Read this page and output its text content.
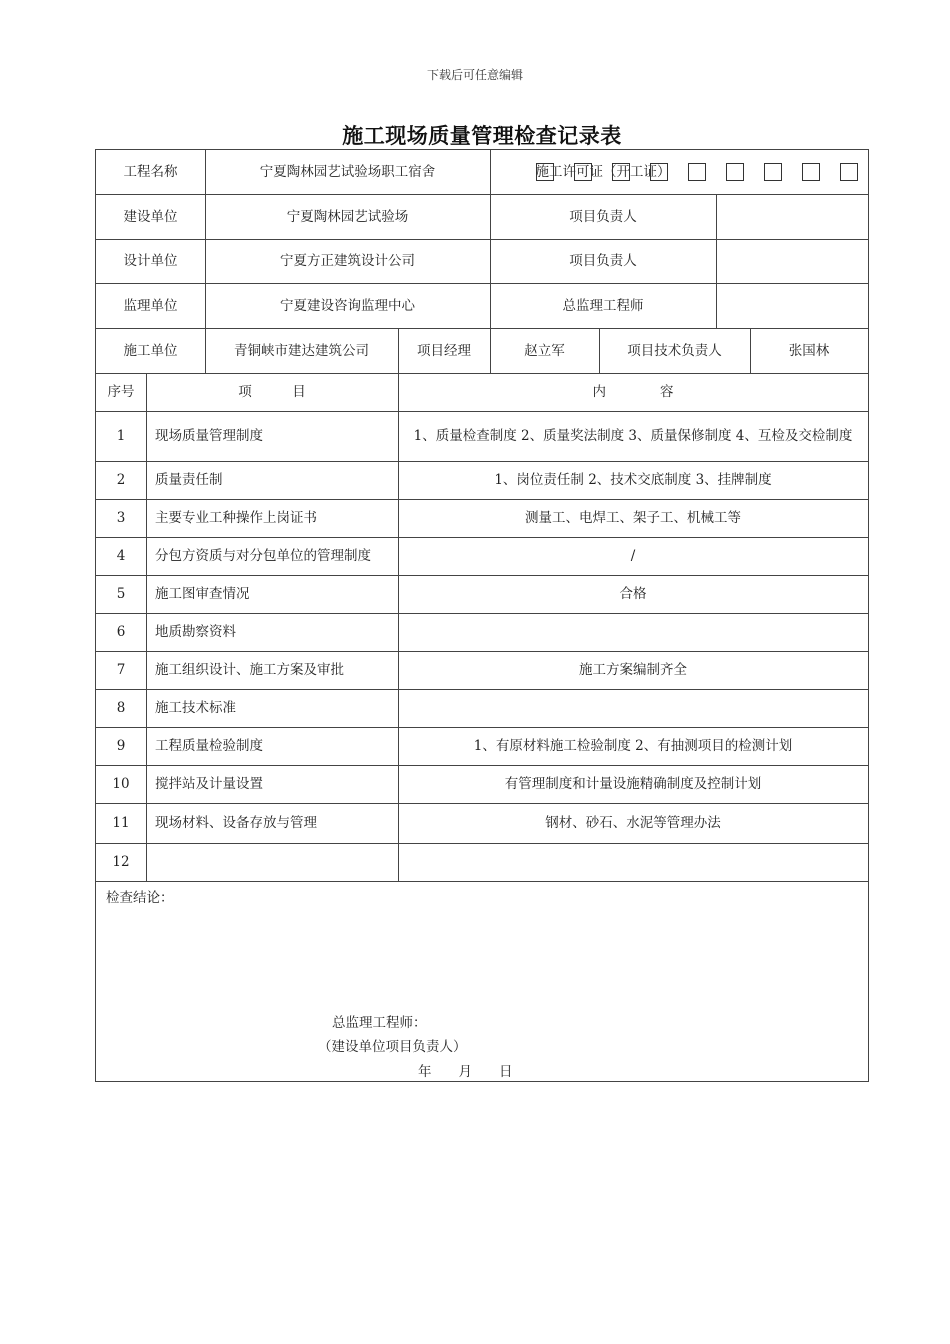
下载后可任意编辑
施工现场质量管理检查记录表
工程名称	宁夏陶林园艺试验场职工宿舍	施工许可证（开工证）
建设单位	宁夏陶林园艺试验场	项目负责人
设计单位	宁夏方正建筑设计公司	项目负责人
监理单位	宁夏建设咨询监理中心	总监理工程师
施工单位	青铜峡市建达建筑公司	项目经理	赵立军	项目技术负责人	张国林
序号	项　　　目	内　　　　容
1	现场质量管理制度	1、质量检查制度 2、质量奖法制度 3、质量保修制度 4、互检及交检制度
2	质量责任制	1、岗位责任制 2、技术交底制度 3、挂牌制度
3	主要专业工种操作上岗证书	测量工、电焊工、架子工、机械工等
4	分包方资质与对分包单位的管理制度	/
5	施工图审查情况	合格
6	地质勘察资料
7	施工组织设计、施工方案及审批	施工方案编制齐全
8	施工技术标准
9	工程质量检验制度	1、有原材料施工检验制度 2、有抽测项目的检测计划
10	搅拌站及计量设置	有管理制度和计量设施精确制度及控制计划
11	现场材料、设备存放与管理	钢材、砂石、水泥等管理办法
12
检查结论：
总监理工程师：
（建设单位项目负责人）
年　　月　　日
